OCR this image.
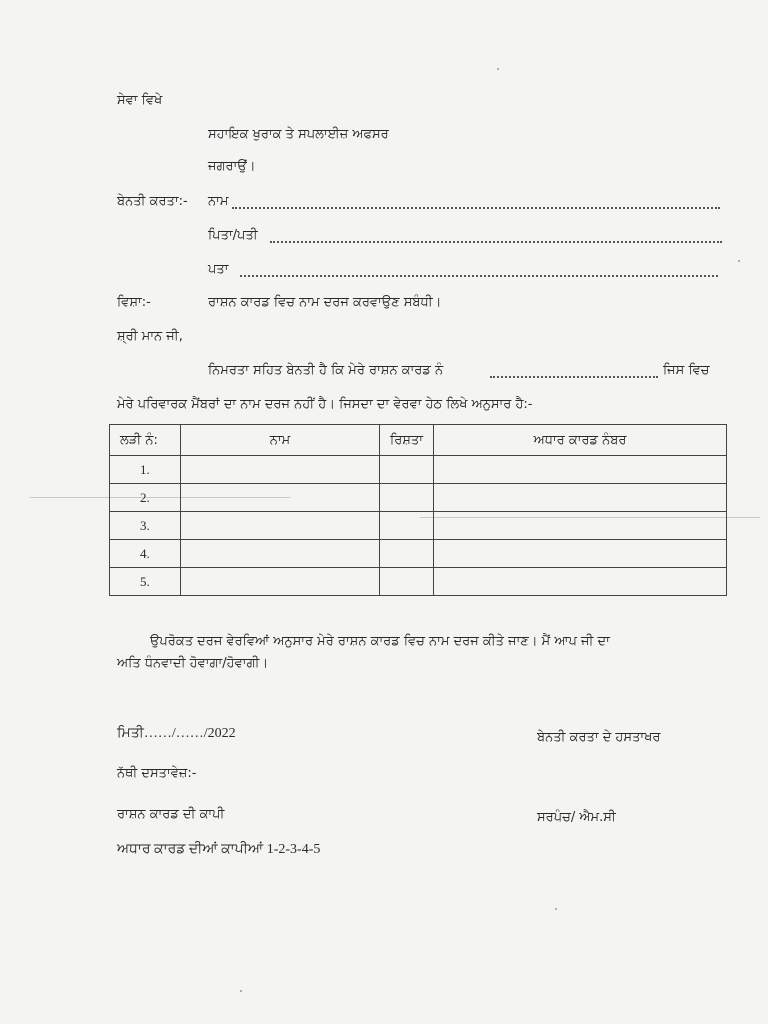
ਸੇਵਾ ਵਿਖੇ
ਸਹਾਇਕ ਖੁਰਾਕ ਤੇ ਸਪਲਾਈਜ਼ ਅਫਸਰ
ਜਗਰਾਉਂ।
ਬੇਨਤੀ ਕਰਤਾ:- ਨਾਮ
ਪਿਤਾ/ਪਤੀ
ਪਤਾ
ਵਿਸ਼ਾ:-	ਰਾਸ਼ਨ ਕਾਰਡ ਵਿਚ ਨਾਮ ਦਰਜ ਕਰਵਾਉਣ ਸਬੰਧੀ।
ਸ਼੍ਰੀ ਮਾਨ ਜੀ,
ਨਿਮਰਤਾ ਸਹਿਤ ਬੇਨਤੀ ਹੈ ਕਿ ਮੇਰੇ ਰਾਸ਼ਨ ਕਾਰਡ ਨੰ	ਜਿਸ ਵਿਚ
ਮੇਰੇ ਪਰਿਵਾਰਕ ਮੈਂਬਰਾਂ ਦਾ ਨਾਮ ਦਰਜ ਨਹੀਂ ਹੈ। ਜਿਸਦਾ ਦਾ ਵੇਰਵਾ ਹੇਠ ਲਿਖੇ ਅਨੁਸਾਰ ਹੈ:-
ਲੜੀ ਨੰ:	ਨਾਮ	ਰਿਸ਼ਤਾ	ਅਧਾਰ ਕਾਰਡ ਨੰਬਰ
1.			
2.			
3.			
4.			
5.			
ਉਪਰੋਕਤ ਦਰਜ ਵੇਰਵਿਆਂ ਅਨੁਸਾਰ ਮੇਰੇ ਰਾਸ਼ਨ ਕਾਰਡ ਵਿਚ ਨਾਮ ਦਰਜ ਕੀਤੇ ਜਾਣ। ਮੈਂ ਆਪ ਜੀ ਦਾ
ਅਤਿ ਧੰਨਵਾਦੀ ਹੋਵਾਗਾ/ਹੋਵਾਗੀ।
ਮਿਤੀ……/……/2022	ਬੇਨਤੀ ਕਰਤਾ ਦੇ ਹਸਤਾਖਰ
ਨੱਥੀ ਦਸਤਾਵੇਜ਼:-
ਰਾਸ਼ਨ ਕਾਰਡ ਦੀ ਕਾਪੀ	ਸਰਪੰਚ/ ਐਮ.ਸੀ
ਅਧਾਰ ਕਾਰਡ ਦੀਆਂ ਕਾਪੀਆਂ 1-2-3-4-5
